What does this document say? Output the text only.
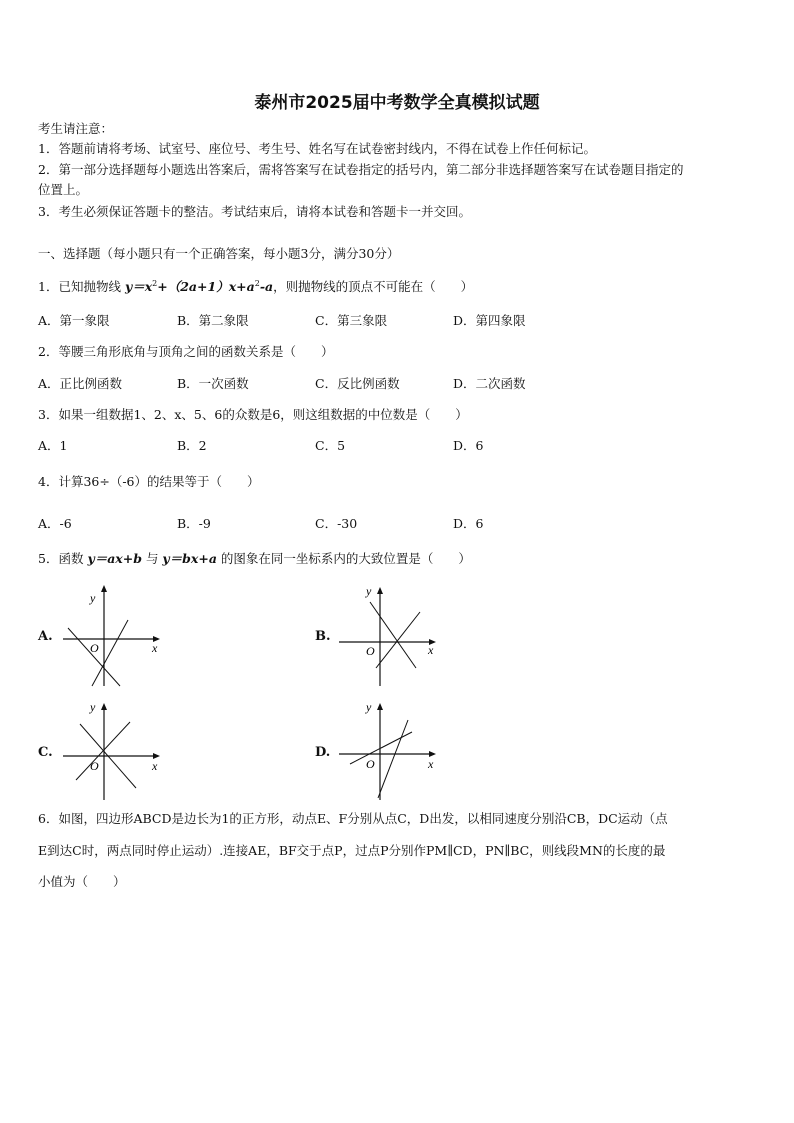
泰州市2025届中考数学全真模拟试题
考生请注意：
1．答题前请将考场、试室号、座位号、考生号、姓名写在试卷密封线内，不得在试卷上作任何标记。
2．第一部分选择题每小题选出答案后，需将答案写在试卷指定的括号内，第二部分非选择题答案写在试卷题目指定的
位置上。
3．考生必须保证答题卡的整洁。考试结束后，请将本试卷和答题卡一并交回。
一、选择题（每小题只有一个正确答案，每小题3分，满分30分）
1．已知抛物线 $y=x^2+(2a+1)x+a^2-a$，则抛物线的顶点不可能在（　　）
A．第一象限	B．第二象限	C．第三象限	D．第四象限
2．等腰三角形底角与顶角之间的函数关系是（　　）
A．正比例函数	B．一次函数	C．反比例函数	D．二次函数
3．如果一组数据1、2、x、5、6的众数是6，则这组数据的中位数是（　　）
A．1	B．2	C．5	D．6
4．计算36÷（-6）的结果等于（　　）
A．-6	B．-9	C．-30	D．6
5．函数 y＝ax+b 与 y＝bx+a 的图象在同一坐标系内的大致位置是（　　）
A.
y
x
O
B.
y
x
O
C.
y
x
O
D.
y
x
O
6．如图，四边形ABCD是边长为1的正方形，动点E、F分别从点C，D出发，以相同速度分别沿CB，DC运动（点
E到达C时，两点同时停止运动）.连接AE，BF交于点P，过点P分别作PM∥CD，PN∥BC，则线段MN的长度的最
小值为（　　）
